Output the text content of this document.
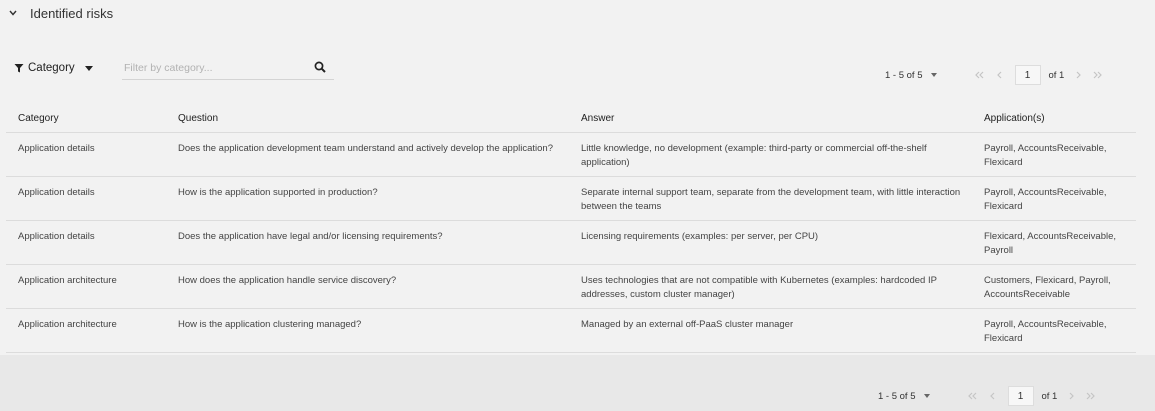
Identified risks
Category
Filter by category...
1 - 5 of 5	1	of 1
Category	Question	Answer	Application(s)
Application details	Does the application development team understand and actively develop the application?	Little knowledge, no development (example: third-party or commercial off-the-shelf application)	Payroll, AccountsReceivable, Flexicard
Application details	How is the application supported in production?	Separate internal support team, separate from the development team, with little interaction between the teams	Payroll, AccountsReceivable, Flexicard
Application details	Does the application have legal and/or licensing requirements?	Licensing requirements (examples: per server, per CPU)	Flexicard, AccountsReceivable, Payroll
Application architecture	How does the application handle service discovery?	Uses technologies that are not compatible with Kubernetes (examples: hardcoded IP addresses, custom cluster manager)	Customers, Flexicard, Payroll, AccountsReceivable
Application architecture	How is the application clustering managed?	Managed by an external off-PaaS cluster manager	Payroll, AccountsReceivable, Flexicard
1 - 5 of 5	1	of 1
